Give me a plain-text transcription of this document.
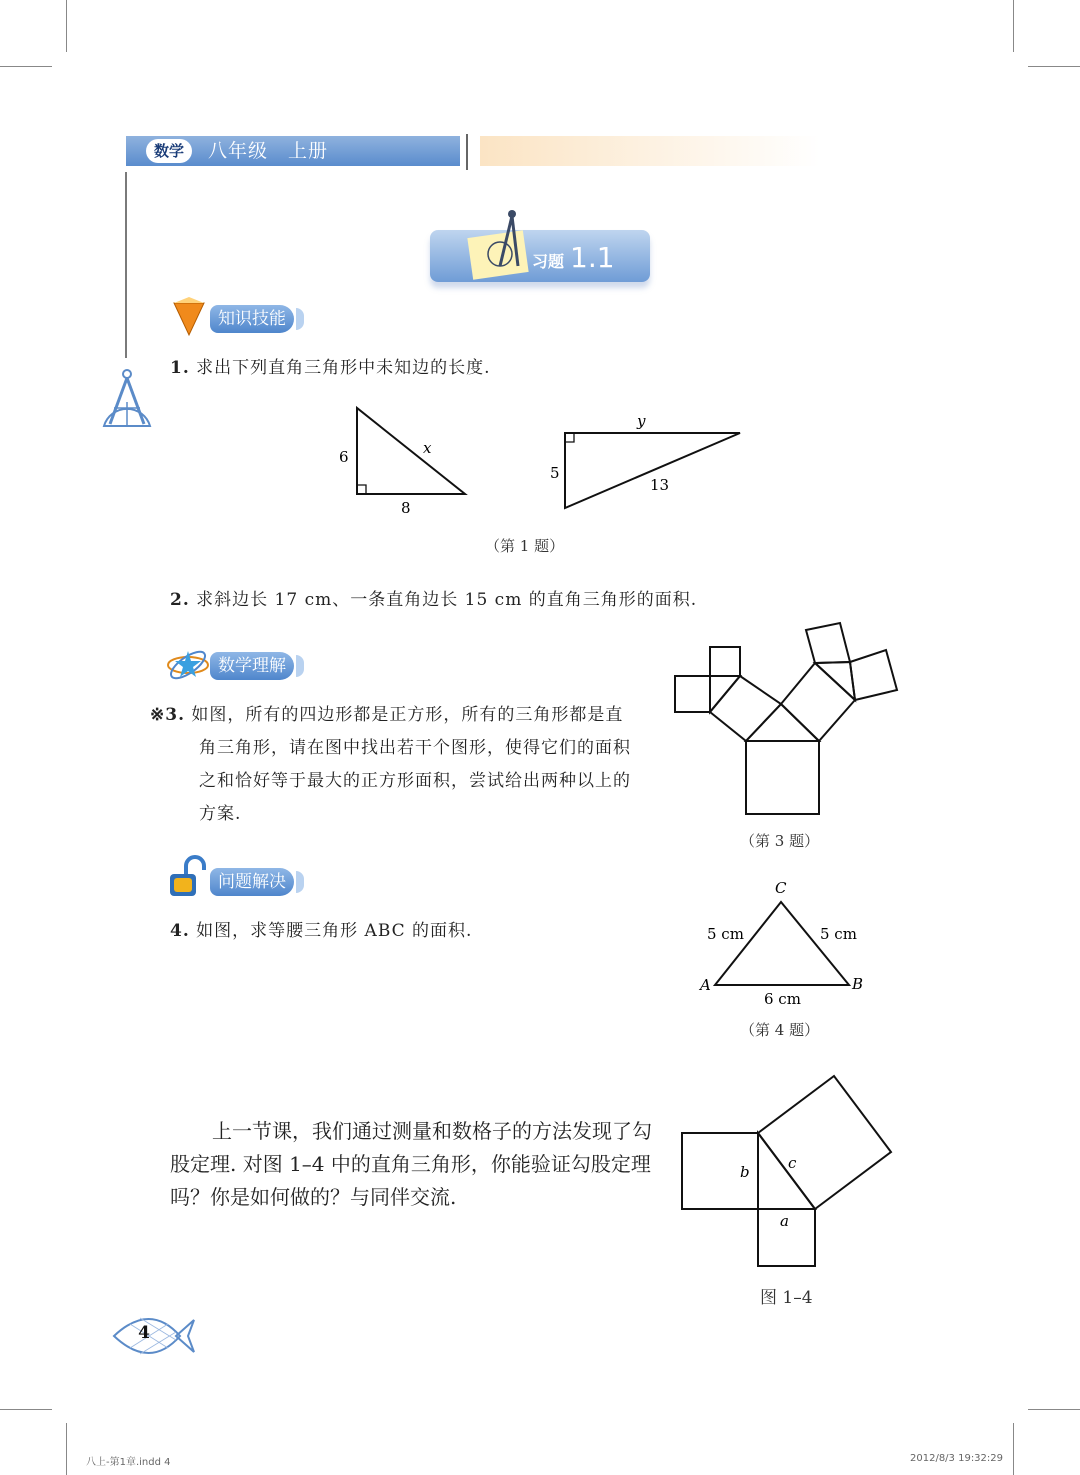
数学	八年级　上册
习题 1.1
知识技能
1. 求出下列直角三角形中未知边的长度.
6
8
x
5
y
13
（第 1 题）
2. 求斜边长 17 cm、一条直角边长 15 cm 的直角三角形的面积.
数学理解
※3. 如图，所有的四边形都是正方形，所有的三角形都是直
角三角形，请在图中找出若干个图形，使得它们的面积
之和恰好等于最大的正方形面积，尝试给出两种以上的
方案.
（第 3 题）
问题解决
4. 如图，求等腰三角形 ABC 的面积.
C
A	B
5 cm	5 cm
6 cm
（第 4 题）
上一节课，我们通过测量和数格子的方法发现了勾股定理. 对图 1–4 中的直角三角形，你能验证勾股定理吗？你是如何做的？与同伴交流.
b	c
a
图 1–4
4
八上-第1章.indd 4	2012/8/3 19:32:29
